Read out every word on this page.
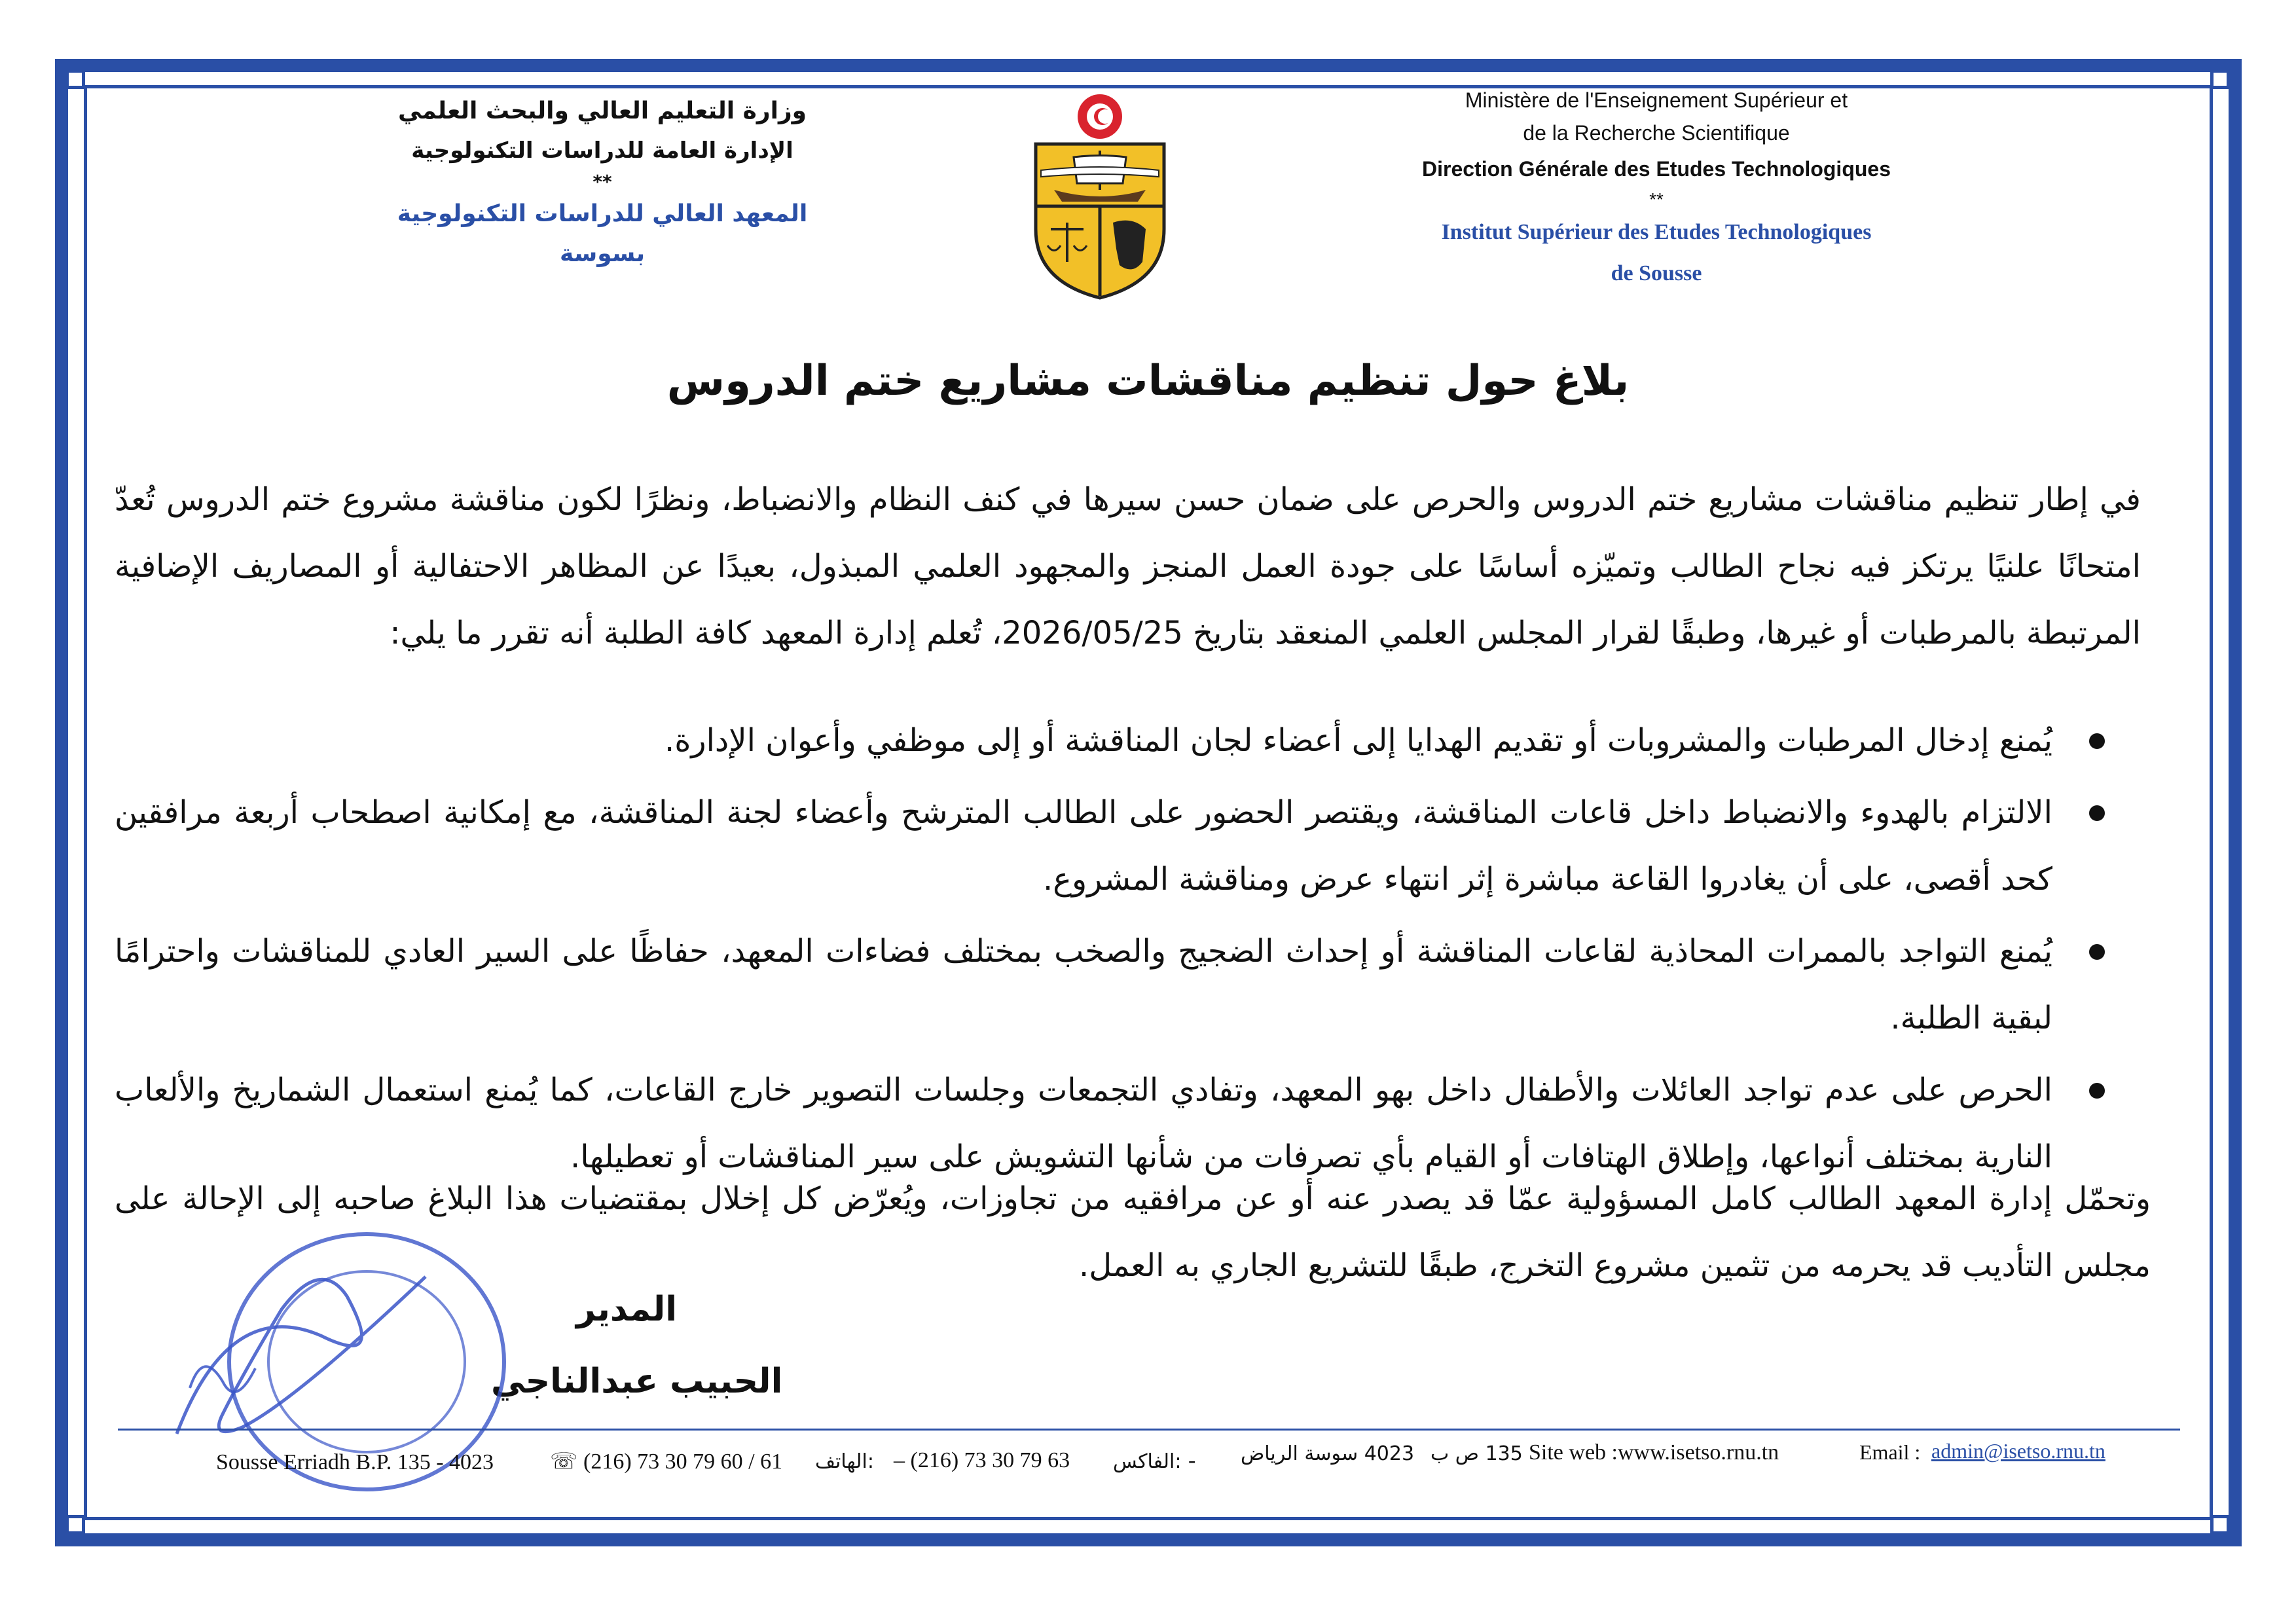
وزارة التعليم العالي والبحث العلمي
الإدارة العامة للدراسات التكنولوجية
**
المعهد العالي للدراسات التكنولوجية
بسوسة
Ministère de l'Enseignement Supérieur et
de la Recherche Scientifique
Direction Générale des Etudes Technologiques
**
Institut Supérieur des Etudes Technologiques
de Sousse
بلاغ حول تنظيم مناقشات مشاريع ختم الدروس
في إطار تنظيم مناقشات مشاريع ختم الدروس والحرص على ضمان حسن سيرها في كنف النظام والانضباط، ونظرًا لكون مناقشة مشروع ختم الدروس تُعدّ امتحانًا علنيًا يرتكز فيه نجاح الطالب وتميّزه أساسًا على جودة العمل المنجز والمجهود العلمي المبذول، بعيدًا عن المظاهر الاحتفالية أو المصاريف الإضافية المرتبطة بالمرطبات أو غيرها، وطبقًا لقرار المجلس العلمي المنعقد بتاريخ 2026/05/25، تُعلم إدارة المعهد كافة الطلبة أنه تقرر ما يلي:
يُمنع إدخال المرطبات والمشروبات أو تقديم الهدايا إلى أعضاء لجان المناقشة أو إلى موظفي وأعوان الإدارة.
الالتزام بالهدوء والانضباط داخل قاعات المناقشة، ويقتصر الحضور على الطالب المترشح وأعضاء لجنة المناقشة، مع إمكانية اصطحاب أربعة مرافقين كحد أقصى، على أن يغادروا القاعة مباشرة إثر انتهاء عرض ومناقشة المشروع.
يُمنع التواجد بالممرات المحاذية لقاعات المناقشة أو إحداث الضجيج والصخب بمختلف فضاءات المعهد، حفاظًا على السير العادي للمناقشات واحترامًا لبقية الطلبة.
الحرص على عدم تواجد العائلات والأطفال داخل بهو المعهد، وتفادي التجمعات وجلسات التصوير خارج القاعات، كما يُمنع استعمال الشماريخ والألعاب النارية بمختلف أنواعها، وإطلاق الهتافات أو القيام بأي تصرفات من شأنها التشويش على سير المناقشات أو تعطيلها.
وتحمّل إدارة المعهد الطالب كامل المسؤولية عمّا قد يصدر عنه أو عن مرافقيه من تجاوزات، ويُعرّض كل إخلال بمقتضيات هذا البلاغ صاحبه إلى الإحالة على مجلس التأديب قد يحرمه من تثمين مشروع التخرج، طبقًا للتشريع الجاري به العمل.
المدير
الحبيب عبدالناجي
Sousse Erriadh B.P. 135 - 4023	☏ (216) 73 30 79 60 / 61 :الهاتف – (216) 73 30 79 63 :الفاكس - 4023 سوسة الرياض 135 ص ب Site web :www.isetso.rnu.tn	Email : admin@isetso.rnu.tn
